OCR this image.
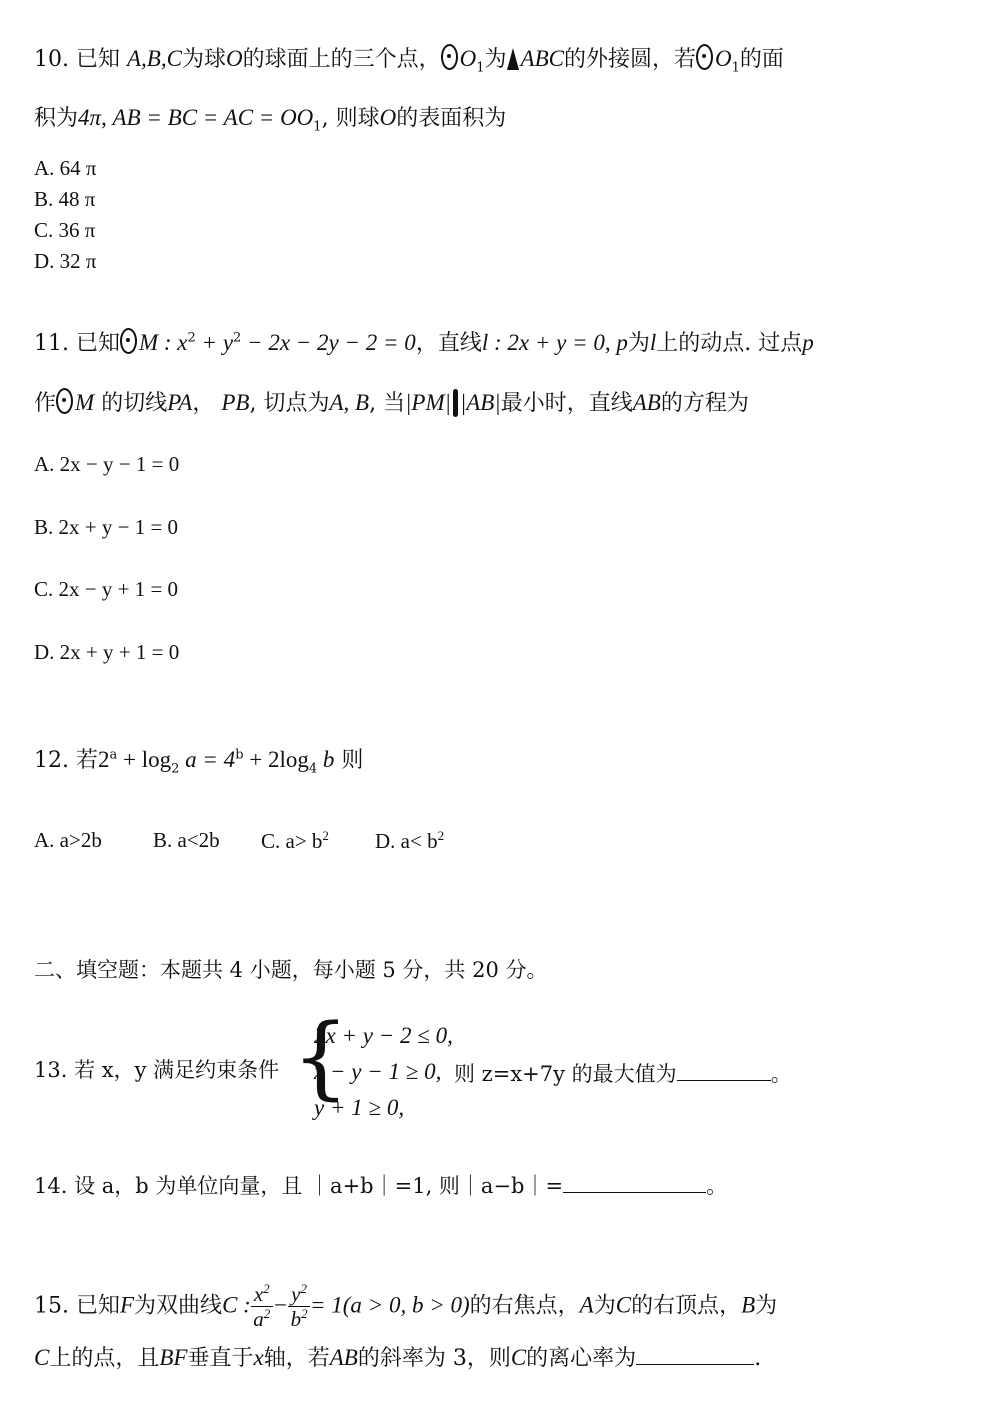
10. 已知 A,B,C为球O的球面上的三个点， $O_1$为 ABC的外接圆，若 $O_1$的面
积为4π, AB = BC = AC = $OO_1$, 则球O的表面积为
A. 64 π
B. 48 π
C. 36 π
D. 32 π
11. 已知 M : $x^2 + y^2 - 2x - 2y - 2 = 0$，直线l : 2x + y = 0, p为l上的动点. 过点p
作 M 的切线PA， PB, 切点为A, B, 当|PM| |AB|最小时，直线AB的方程为
A. 2x − y − 1 = 0
B. 2x + y − 1 = 0
C. 2x − y + 1 = 0
D. 2x + y + 1 = 0
12. 若$2^a + \log_2 a = 4^b + 2\log_4$ b 则
A. a>2b B. a<2b C. $a> b^2$ D. $a< b^2$
二、填空题：本题共 4 小题，每小题 5 分，共 20 分。
13. 若 x，y 满足约束条件 {
2x + y − 2 ≤ 0,
x − y − 1 ≥ 0,
y + 1 ≥ 0,
则 z=x+7y 的最大值为	。
14. 设 a，b 为单位向量，且 ｜a+b｜=1, 则｜a−b｜=	。
15. 已知F为双曲线C : $\frac{x^2}{a^2} - \frac{y^2}{b^2} = 1(a > 0$, b > 0)的右焦点，A为C的右顶点，B为
C上的点，且BF垂直于x轴，若AB的斜率为 3，则C的离心率为	.
